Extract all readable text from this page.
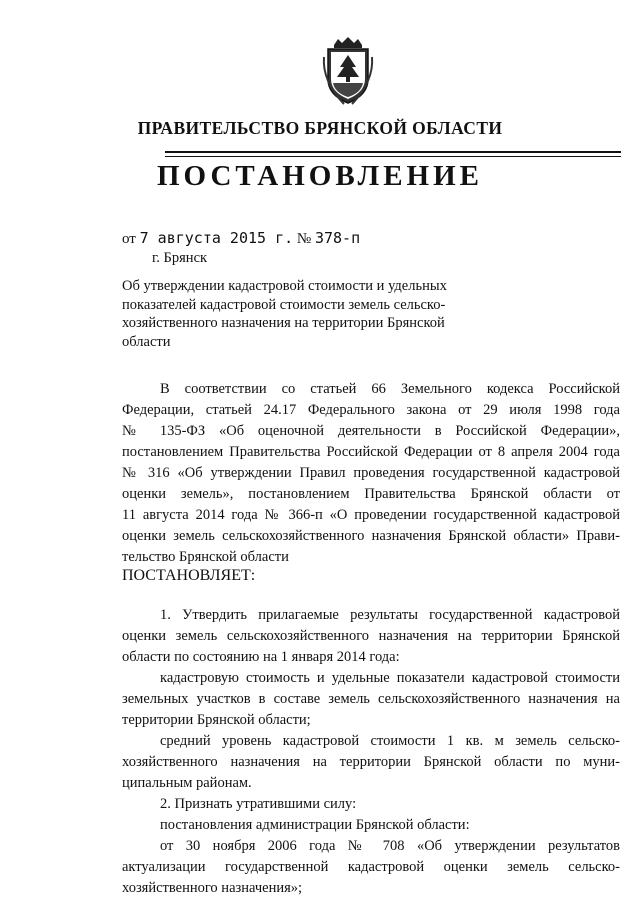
ПРАВИТЕЛЬСТВО БРЯНСКОЙ ОБЛАСТИ
ПОСТАНОВЛЕНИЕ
от 7 августа 2015 г. № 378-п
г. Брянск
Об утверждении кадастровой стоимости и удельных
показателей кадастровой стоимости земель сельско-
хозяйственного назначения на территории Брянской
области
В соответствии со статьей 66 Земельного кодекса Российской
Федерации, статьей 24.17 Федерального закона от 29 июля 1998 года
№ 135-ФЗ «Об оценочной деятельности в Российской Федерации»,
постановлением Правительства Российской Федерации от 8 апреля 2004 года
№ 316 «Об утверждении Правил проведения государственной кадастровой
оценки земель», постановлением Правительства Брянской области от
11 августа 2014 года № 366-п «О проведении государственной кадастровой
оценки земель сельскохозяйственного назначения Брянской области» Прави-
тельство Брянской области
ПОСТАНОВЛЯЕТ:
1. Утвердить прилагаемые результаты государственной кадастровой
оценки земель сельскохозяйственного назначения на территории Брянской
области по состоянию на 1 января 2014 года:
кадастровую стоимость и удельные показатели кадастровой стоимости
земельных участков в составе земель сельскохозяйственного назначения на
территории Брянской области;
средний уровень кадастровой стоимости 1 кв. м земель сельско-
хозяйственного назначения на территории Брянской области по муни-
ципальным районам.
2. Признать утратившими силу:
постановления администрации Брянской области:
от 30 ноября 2006 года № 708 «Об утверждении результатов
актуализации государственной кадастровой оценки земель сельско-
хозяйственного назначения»;
